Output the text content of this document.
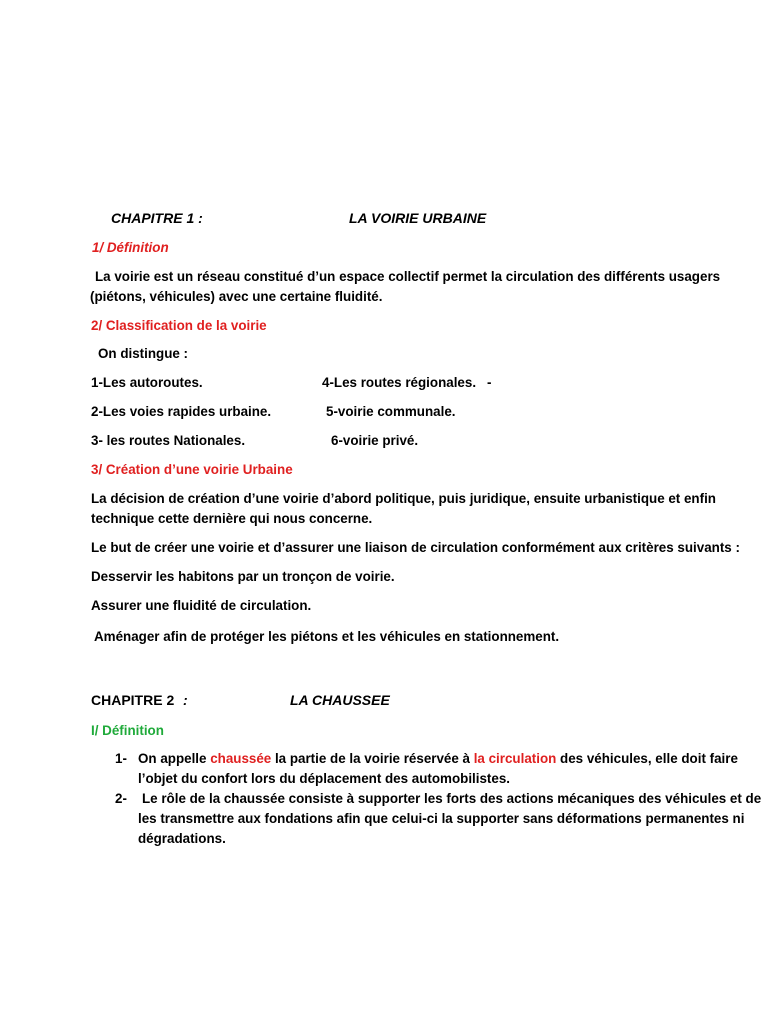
CHAPITRE 1 :	LA VOIRIE URBAINE
1/ Définition
La voirie est un réseau constitué d’un espace collectif permet la circulation des différents usagers
(piétons, véhicules) avec une certaine fluidité.
2/ Classification de la voirie
On distingue :
1-Les autoroutes.	4-Les routes régionales. -
2-Les voies rapides urbaine.	5-voirie communale.
3- les routes Nationales.	6-voirie privé.
3/ Création d’une voirie Urbaine
La décision de création d’une voirie d’abord politique, puis juridique, ensuite urbanistique et enfin
technique cette dernière qui nous concerne.
Le but de créer une voirie et d’assurer une liaison de circulation conformément aux critères suivants :
Desservir les habitons par un tronçon de voirie.
Assurer une fluidité de circulation.
Aménager afin de protéger les piétons et les véhicules en stationnement.
CHAPITRE 2 :	LA CHAUSSEE
I/ Définition
1- On appelle chaussée la partie de la voirie réservée à la circulation des véhicules, elle doit faire
l’objet du confort lors du déplacement des automobilistes.
2- Le rôle de la chaussée consiste à supporter les forts des actions mécaniques des véhicules et de
les transmettre aux fondations afin que celui-ci la supporter sans déformations permanentes ni
dégradations.
